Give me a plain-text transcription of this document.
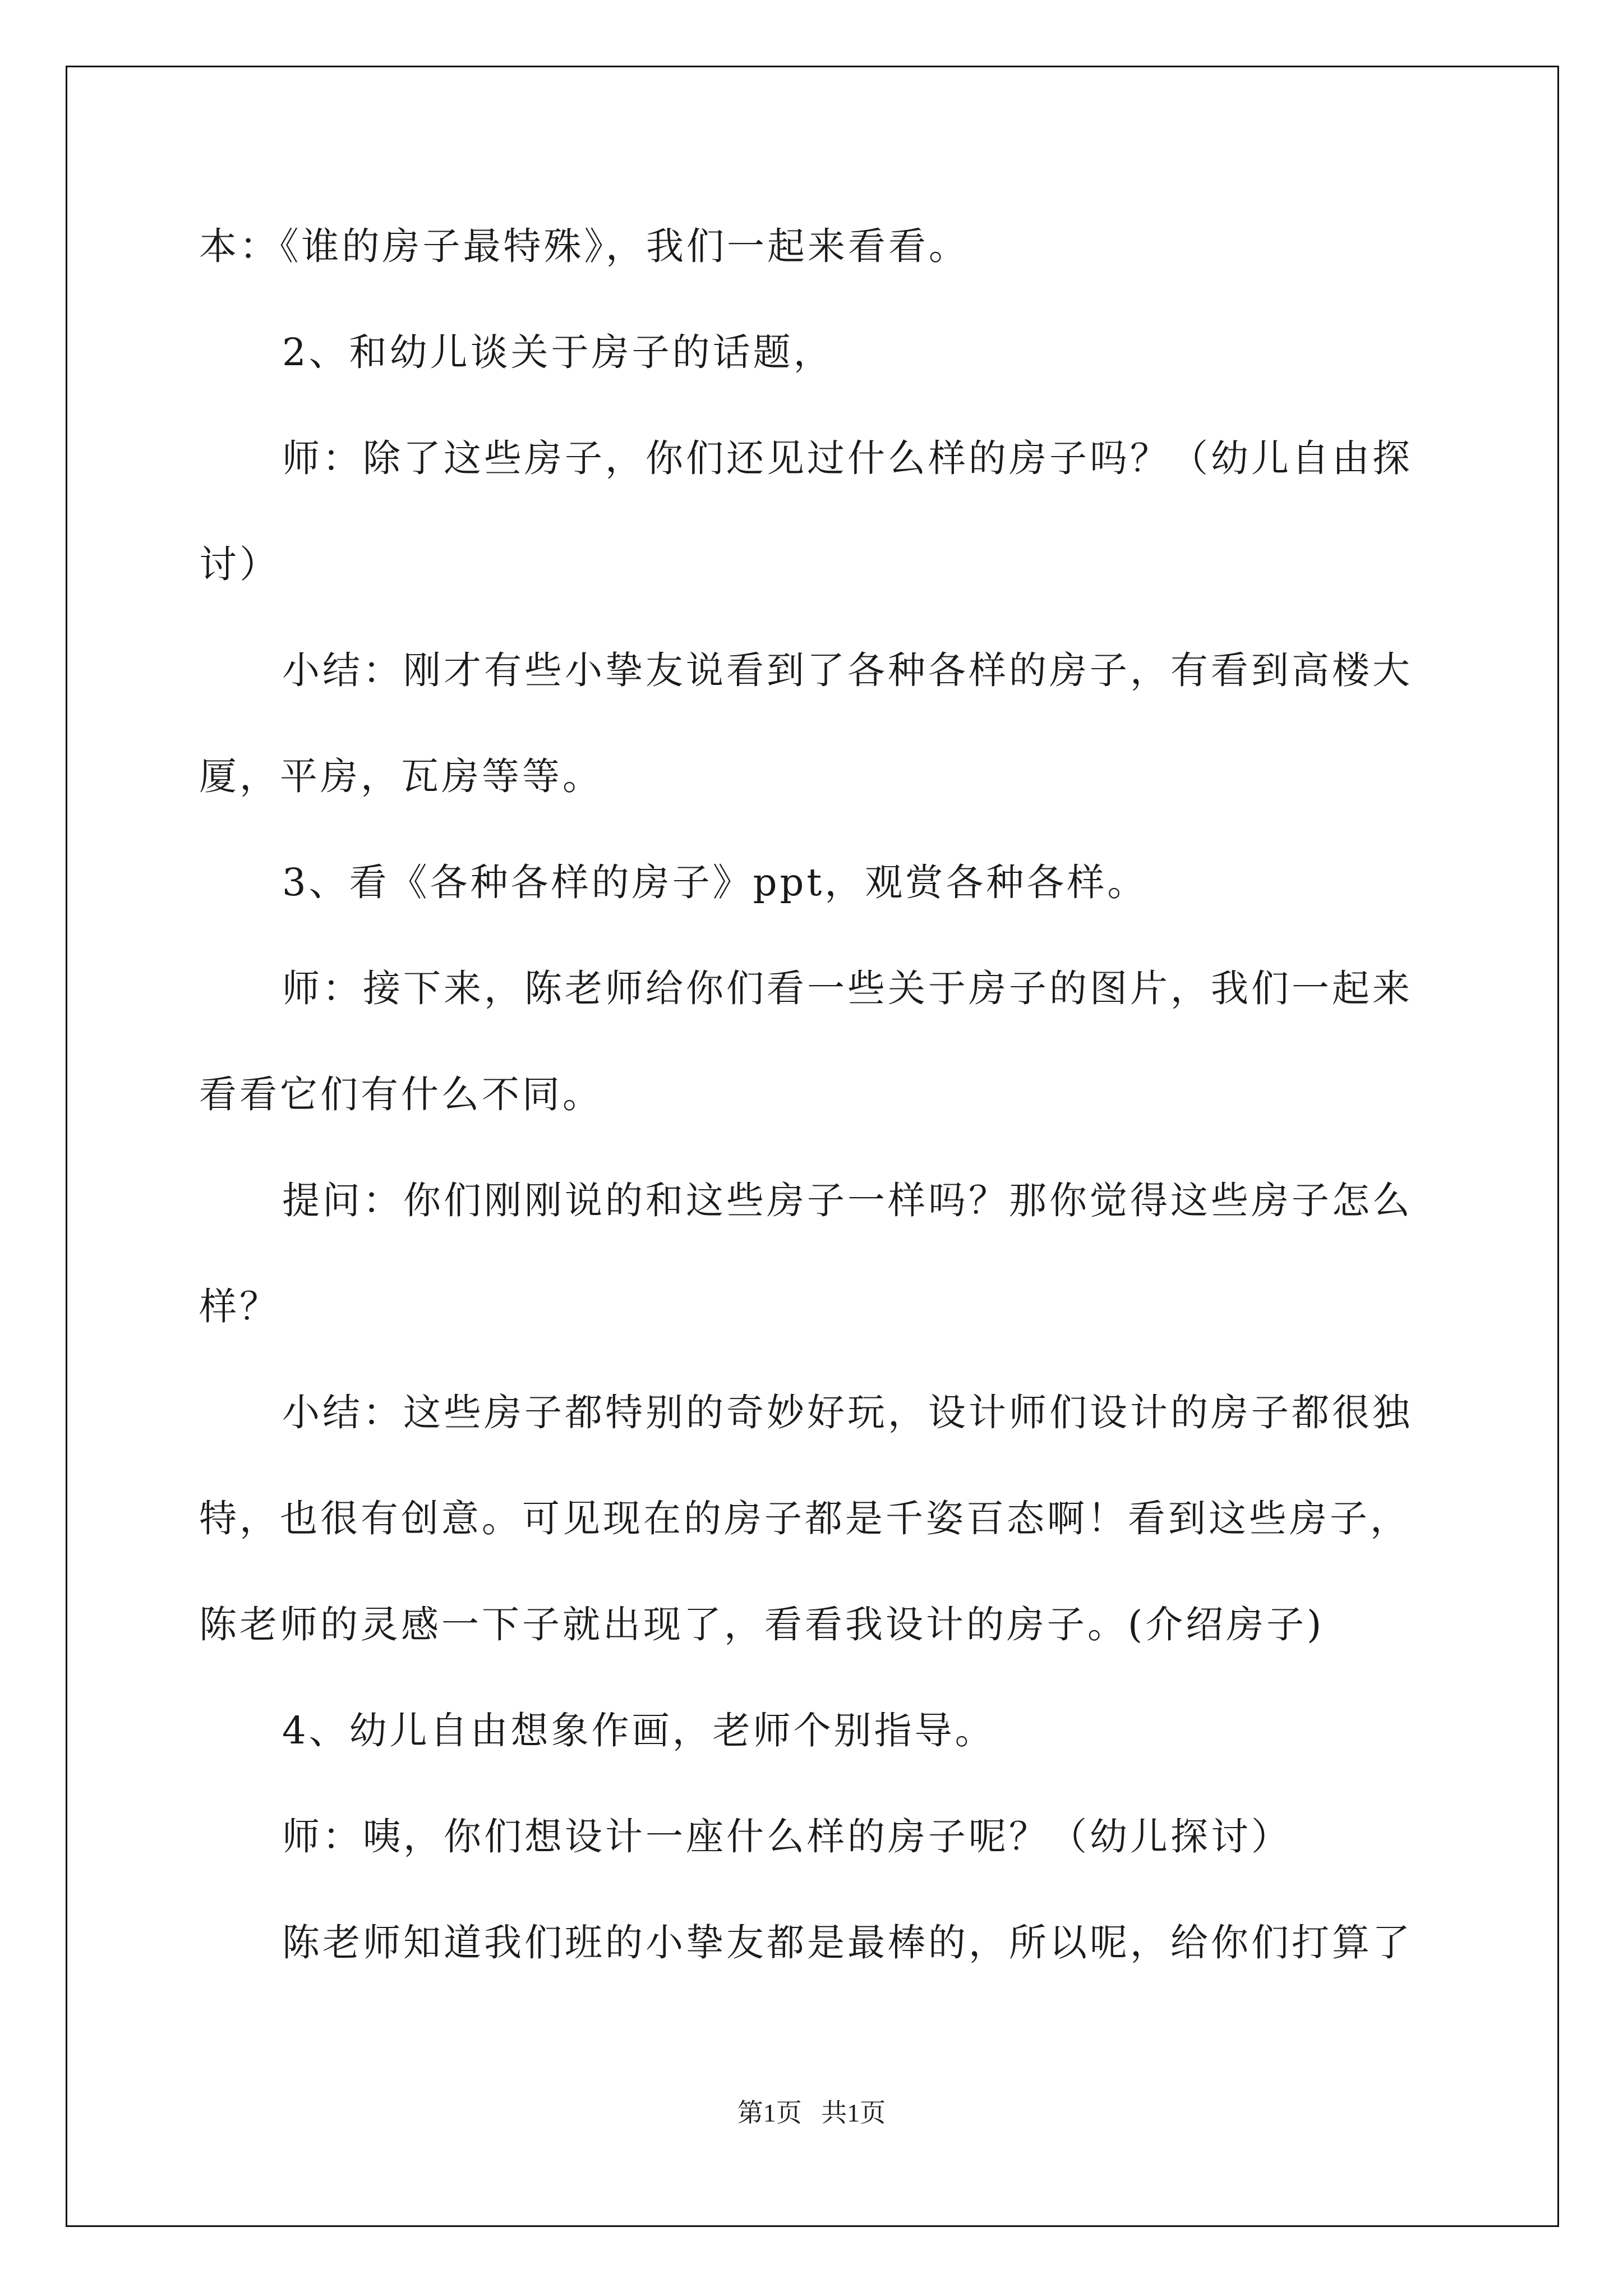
本：《谁的房子最特殊》，我们一起来看看。

2、和幼儿谈关于房子的话题，

师：除了这些房子，你们还见过什么样的房子吗？（幼儿自由探讨）

小结：刚才有些小挚友说看到了各种各样的房子，有看到高楼大厦，平房，瓦房等等。

3、看《各种各样的房子》ppt，观赏各种各样。

师：接下来，陈老师给你们看一些关于房子的图片，我们一起来看看它们有什么不同。

提问：你们刚刚说的和这些房子一样吗？那你觉得这些房子怎么样？

小结：这些房子都特别的奇妙好玩，设计师们设计的房子都很独特，也很有创意。可见现在的房子都是千姿百态啊！看到这些房子，陈老师的灵感一下子就出现了，看看我设计的房子。(介绍房子)

4、幼儿自由想象作画，老师个别指导。

师：咦，你们想设计一座什么样的房子呢？（幼儿探讨）

陈老师知道我们班的小挚友都是最棒的，所以呢，给你们打算了

第1页 共1页
